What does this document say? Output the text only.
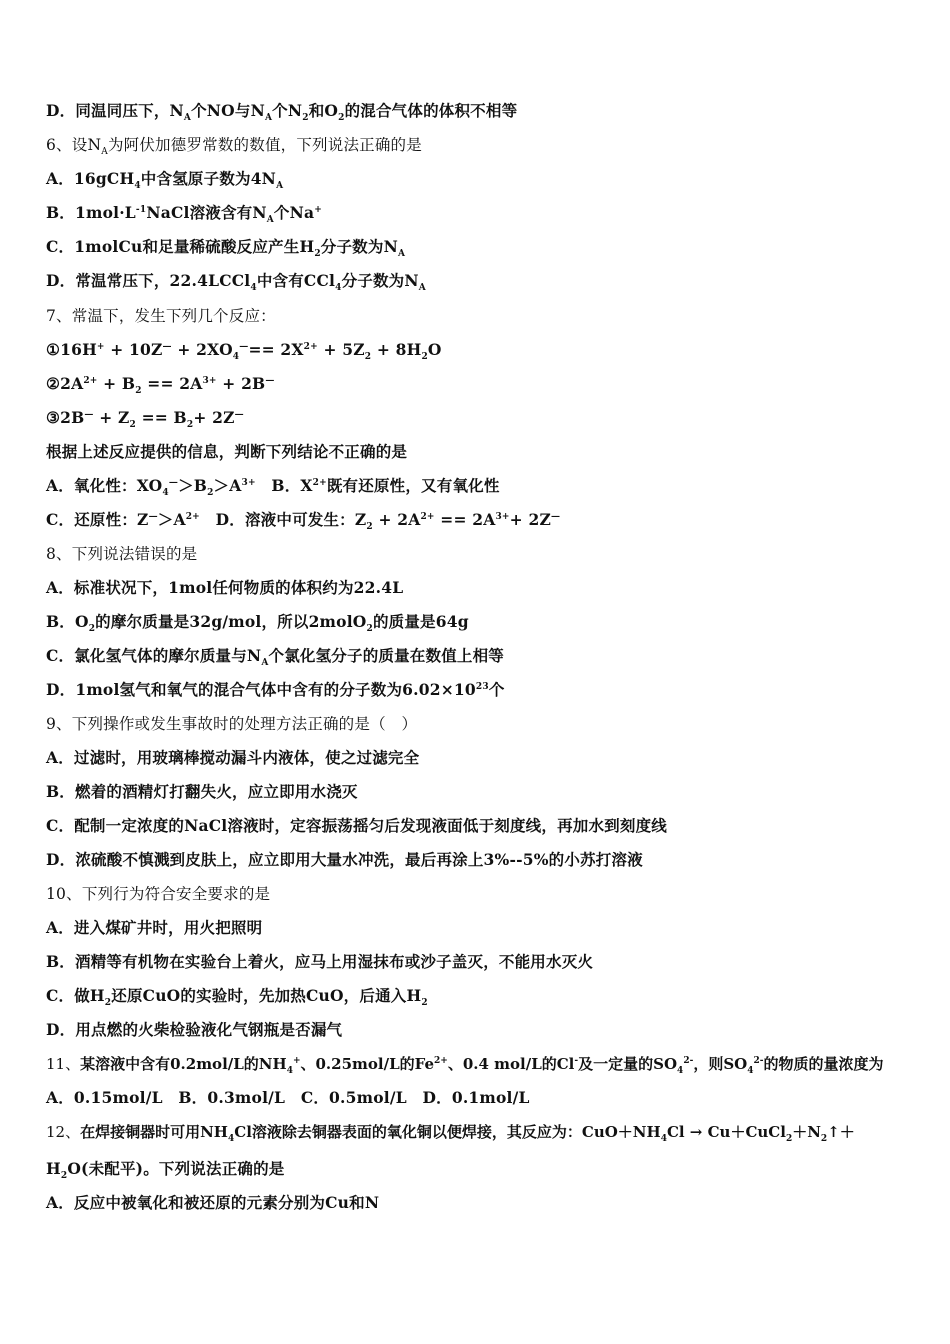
D．同温同压下，$N_A$个NO与$N_A$个$N_2$和$O_2$的混合气体的体积不相等
6、设$N_A$为阿伏加德罗常数的数值，下列说法正确的是
A．16gCH$_4$中含氢原子数为$4N_A$
B．$1mol\cdot L^{-1}NaCl$溶液含有$N_A$个Na+
C．1molCu和足量稀硫酸反应产生$H_2$分子数为$N_A$
D．常温常压下，22.4LCCl$_4$中含有CCl$_4$分子数为$N_A$
7、常温下，发生下列几个反应：
①16H+ + $10Z^— + 2XO_4^—== 2X^{2+} + 5Z_2 + 8H_2O$
$②2A^{2+} + B_2 == 2A^{3+} + 2B^—$
③2B— + $Z_2 == B_2+ 2Z^—$
根据上述反应提供的信息，判断下列结论不正确的是
A．氧化性：$XO_4^—>B_2>A^{3+}$　B．$X^{2+}$既有还原性，又有氧化性
C．还原性：$Z^—>A^{2+}$　D．溶液中可发生：$Z_2 + 2A^{2+} == 2A^{3+}+ 2Z^—$
8、下列说法错误的是
A．标准状况下，1mol任何物质的体积约为22.4L
B．$O_2$的摩尔质量是32g/mol，所以2molO$_2$的质量是64g
C．氯化氢气体的摩尔质量与$N_A$个氯化氢分子的质量在数值上相等
D．1mol氢气和氧气的混合气体中含有的分子数为$6.02\times 10^{23}$个
9、下列操作或发生事故时的处理方法正确的是（　）
A．过滤时，用玻璃棒搅动漏斗内液体，使之过滤完全
B．燃着的酒精灯打翻失火，应立即用水浇灭
C．配制一定浓度的NaCl溶液时，定容振荡摇匀后发现液面低于刻度线，再加水到刻度线
D．浓硫酸不慎溅到皮肤上，应立即用大量水冲洗，最后再涂上3%--5%的小苏打溶液
10、下列行为符合安全要求的是
A．进入煤矿井时，用火把照明
B．酒精等有机物在实验台上着火，应马上用湿抹布或沙子盖灭，不能用水灭火
C．做$H_2$还原CuO的实验时，先加热CuO，后通入$H_2$
D．用点燃的火柴检验液化气钢瓶是否漏气
11、某溶液中含有0.2mol/L的$NH_4^+$、0.25mol/L的$Fe^{2+}$、0.4 mol/L的Cl-及一定量的$SO_4^{2-}$，则$SO_4^{2-}$的物质的量浓度为
A．0.15mol/L　B．0.3mol/L　C．0.5mol/L　D．0.1mol/L
12、在焊接铜器时可用$NH_4Cl$溶液除去铜器表面的氧化铜以便焊接，其反应为：$CuO+NH_4Cl$ → $Cu+CuCl_2+N_2↑+$
$H_2O$(未配平)。下列说法正确的是
A．反应中被氧化和被还原的元素分别为Cu和N
